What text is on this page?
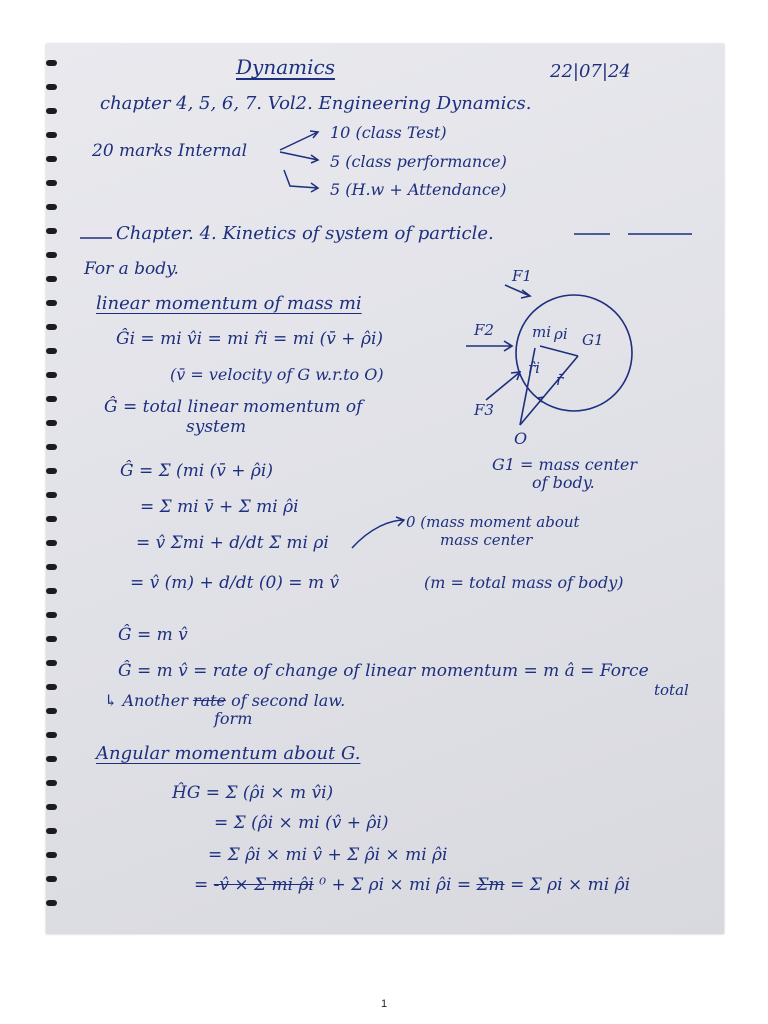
Dynamics	22|07|24
chapter 4, 5, 6, 7. Vol2. Engineering Dynamics.
20 marks Internal
10 (class Test)
5 (class performance)
5 (H.w + Attendance)
Chapter. 4. Kinetics of system of particle.
For a body.
linear momentum of mass mi
Ĝi = mi v̂i = mi r̂i = mi (v̄ + ρ̂i)
(v̄ = velocity of G w.r.to O)
Ĝ = total linear momentum of
system
F1
F2
F3
mi ρi G1
r̂i
r̄
O
G1 = mass center
of body.
Ĝ = Σ (mi (v̄ + ρ̂i)
= Σ mi v̄ + Σ mi ρ̂i
= v̂ Σmi + d/dt Σ mi ρi
0 (mass moment about
mass center
= v̂ (m) + d/dt (0) = m v̂	(m = total mass of body)
Ĝ = m v̂
Ĝ = m v̂ = rate of change of linear momentum = m â = Force
total
↳ Another rate of second law.
form
Angular momentum about G.
ĤG = Σ (ρ̂i × m v̂i)
= Σ (ρ̂i × mi (v̂ + ρ̂i)
= Σ ρ̂i × mi v̂ + Σ ρ̂i × mi ρ̂i
= -v̂ × Σ mi ρ̂i ⁰ + Σ ρi × mi ρ̂i = Σm = Σ ρi × mi ρ̂i
1
